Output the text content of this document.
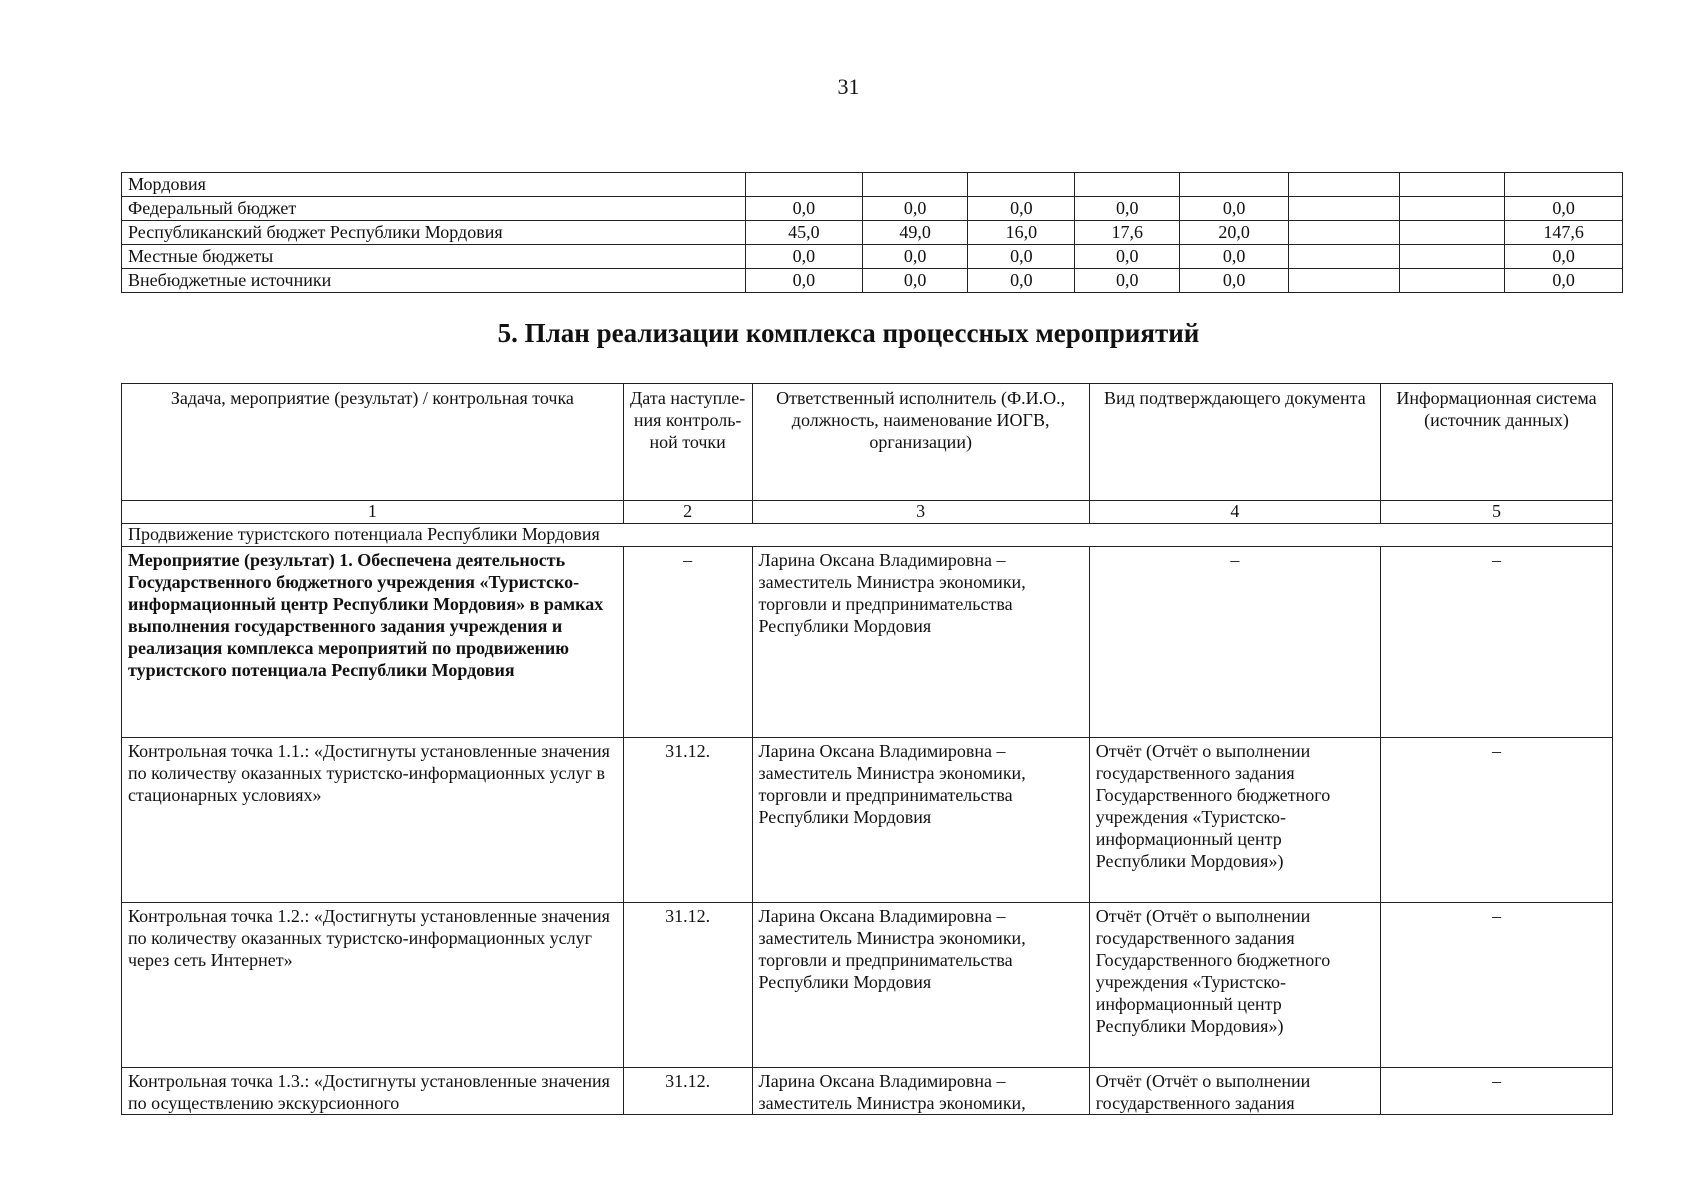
31
Мордовия								
Федеральный бюджет	0,0	0,0	0,0	0,0	0,0			0,0
Республиканский бюджет Республики Мордовия	45,0	49,0	16,0	17,6	20,0			147,6
Местные бюджеты	0,0	0,0	0,0	0,0	0,0			0,0
Внебюджетные источники	0,0	0,0	0,0	0,0	0,0			0,0
5. План реализации комплекса процессных мероприятий
Задача, мероприятие (результат) / контрольная точка	Дата наступле-ния контроль-ной точки	Ответственный исполнитель (Ф.И.О., должность, наименование ИОГВ, организации)	Вид подтверждающего документа	Информационная система (источник данных)
1	2	3	4	5
Продвижение туристского потенциала Республики Мордовия				
Мероприятие (результат) 1. Обеспечена деятельность Государственного бюджетного учреждения «Туристско-информационный центр Республики Мордовия» в рамках выполнения государственного задания учреждения и реализация комплекса мероприятий по продвижению туристского потенциала Республики Мордовия	–	Ларина Оксана Владимировна – заместитель Министра экономики, торговли и предпринимательства Республики Мордовия	–	–
Контрольная точка 1.1.: «Достигнуты установленные значения по количеству оказанных туристско-информационных услуг в стационарных условиях»	31.12.	Ларина Оксана Владимировна – заместитель Министра экономики, торговли и предпринимательства Республики Мордовия	Отчёт (Отчёт о выполнении государственного задания Государственного бюджетного учреждения «Туристско-информационный центр Республики Мордовия»)	–
Контрольная точка 1.2.: «Достигнуты установленные значения по количеству оказанных туристско-информационных услуг через сеть Интернет»	31.12.	Ларина Оксана Владимировна – заместитель Министра экономики, торговли и предпринимательства Республики Мордовия	Отчёт (Отчёт о выполнении государственного задания Государственного бюджетного учреждения «Туристско-информационный центр Республики Мордовия»)	–
Контрольная точка 1.3.: «Достигнуты установленные значения по осуществлению экскурсионного	31.12.	Ларина Оксана Владимировна – заместитель Министра экономики,	Отчёт (Отчёт о выполнении государственного задания	–
